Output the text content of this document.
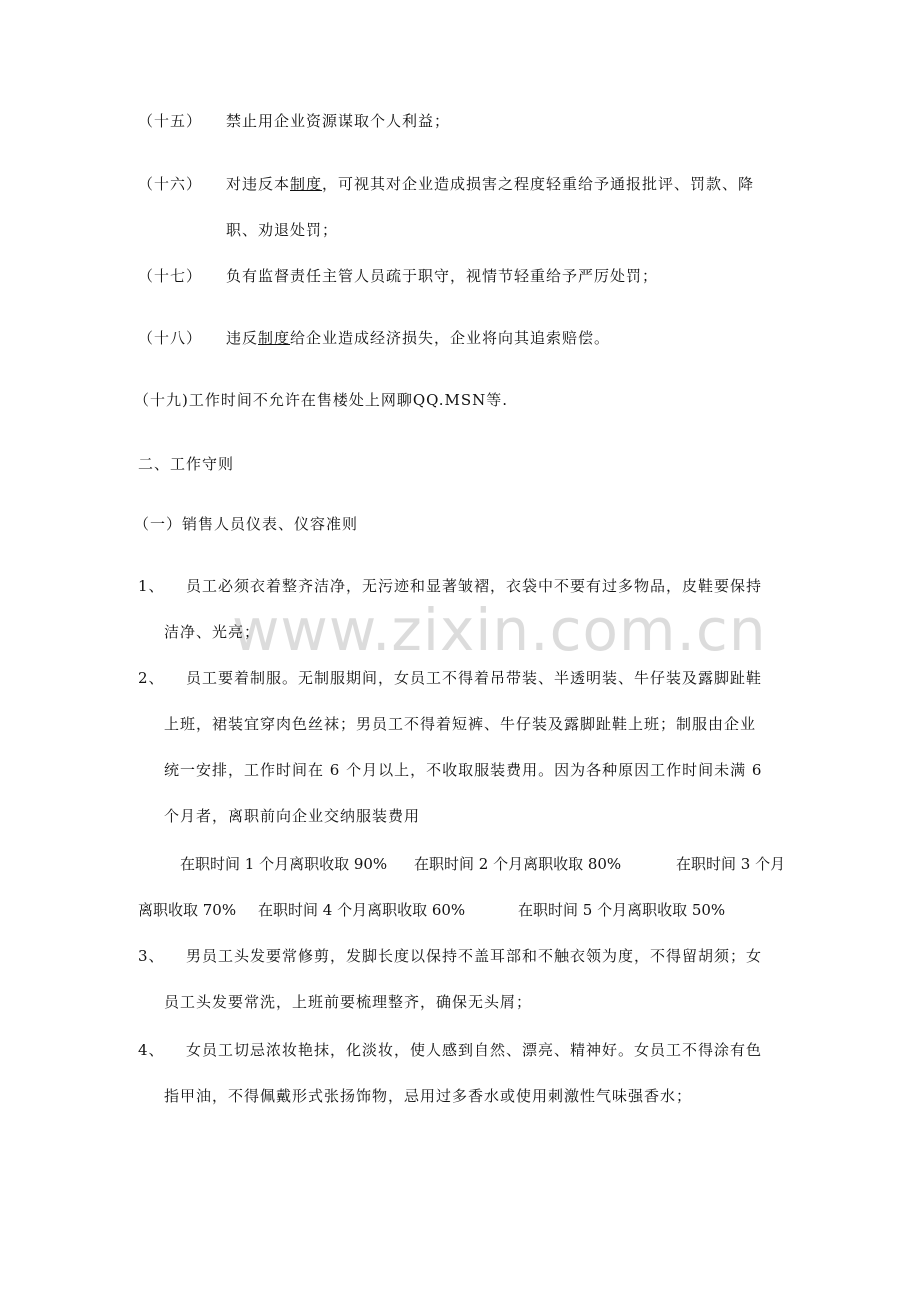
www.zixin.com.cn
（十五） 禁止用企业资源谋取个人利益；
（十六） 对违反本制度，可视其对企业造成损害之程度轻重给予通报批评、罚款、降
职、劝退处罚；
（十七） 负有监督责任主管人员疏于职守，视情节轻重给予严厉处罚；
（十八） 违反制度给企业造成经济损失，企业将向其追索赔偿。
（十九)工作时间不允许在售楼处上网聊QQ.MSN等.
二、工作守则
（一）销售人员仪表、仪容准则
1、 员工必须衣着整齐洁净，无污迹和显著皱褶，衣袋中不要有过多物品，皮鞋要保持
洁净、光亮；
2、 员工要着制服。无制服期间，女员工不得着吊带装、半透明装、牛仔装及露脚趾鞋
上班，裙装宜穿肉色丝袜；男员工不得着短裤、牛仔装及露脚趾鞋上班；制服由企业
统一安排，工作时间在 6 个月以上，不收取服装费用。因为各种原因工作时间未满 6
个月者，离职前向企业交纳服装费用
在职时间 1 个月离职收取 90% 在职时间 2 个月离职收取 80%	在职时间 3 个月
离职收取 70% 在职时间 4 个月离职收取 60%	在职时间 5 个月离职收取 50%
3、 男员工头发要常修剪，发脚长度以保持不盖耳部和不触衣领为度，不得留胡须；女
员工头发要常洗，上班前要梳理整齐，确保无头屑；
4、 女员工切忌浓妆艳抹，化淡妆，使人感到自然、漂亮、精神好。女员工不得涂有色
指甲油，不得佩戴形式张扬饰物，忌用过多香水或使用刺激性气味强香水；
